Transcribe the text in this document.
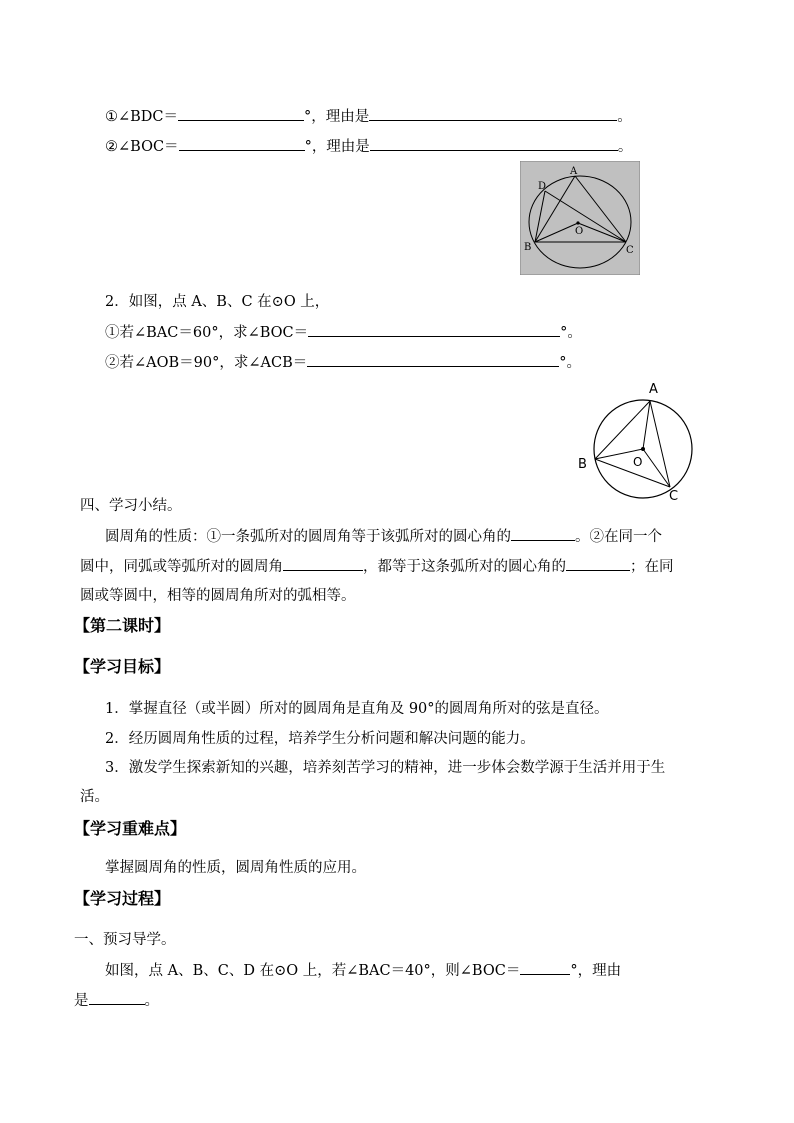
①∠BDC＝	°，理由是	。
②∠BOC＝	°，理由是	。
A
D
B	C
O
2．如图，点 A、B、C 在⊙O 上，
①若∠BAC＝60°，求∠BOC＝	°。
②若∠AOB＝90°，求∠ACB＝	°。
A
B
C
O
四、学习小结。
圆周角的性质：①一条弧所对的圆周角等于该弧所对的圆心角的	。②在同一个
圆中，同弧或等弧所对的圆周角	，都等于这条弧所对的圆心角的	；在同
圆或等圆中，相等的圆周角所对的弧相等。
【第二课时】
【学习目标】
1．掌握直径（或半圆）所对的圆周角是直角及 90°的圆周角所对的弦是直径。
2．经历圆周角性质的过程，培养学生分析问题和解决问题的能力。
3．激发学生探索新知的兴趣，培养刻苦学习的精神，进一步体会数学源于生活并用于生
活。
【学习重难点】
掌握圆周角的性质，圆周角性质的应用。
【学习过程】
一、预习导学。
如图，点 A、B、C、D 在⊙O 上，若∠BAC＝40°，则∠BOC＝	°，理由
是	。
